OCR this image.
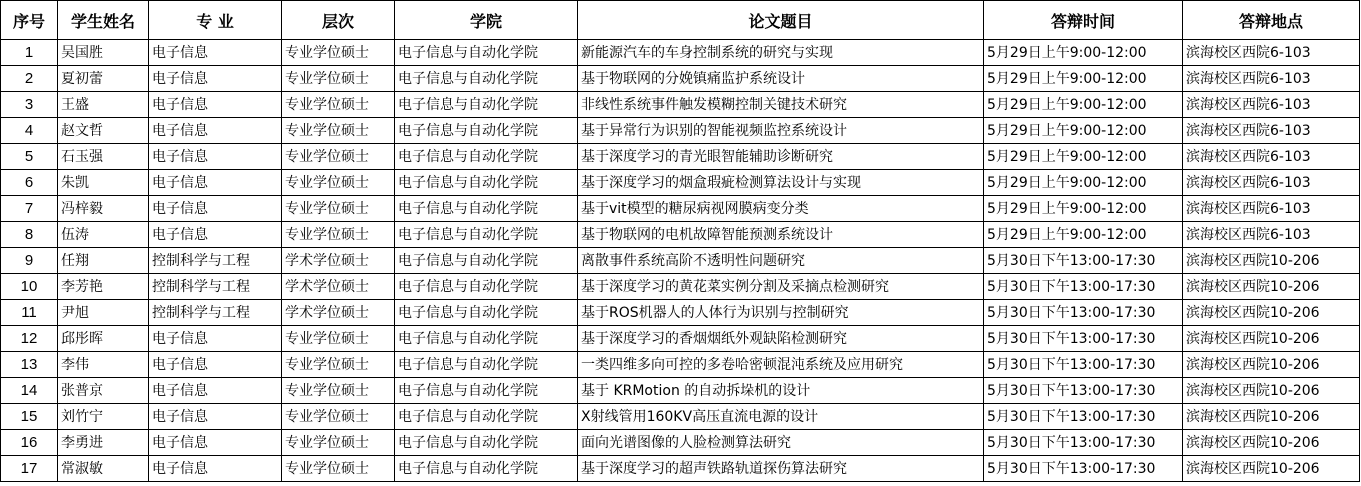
序号	学生姓名	专 业	层次	学院	论文题目	答辩时间	答辩地点
1	吴国胜	电子信息	专业学位硕士	电子信息与自动化学院	新能源汽车的车身控制系统的研究与实现	5月29日上午9:00-12:00	滨海校区西院6-103
2	夏初蕾	电子信息	专业学位硕士	电子信息与自动化学院	基于物联网的分娩镇痛监护系统设计	5月29日上午9:00-12:00	滨海校区西院6-103
3	王盛	电子信息	专业学位硕士	电子信息与自动化学院	非线性系统事件触发模糊控制关键技术研究	5月29日上午9:00-12:00	滨海校区西院6-103
4	赵文哲	电子信息	专业学位硕士	电子信息与自动化学院	基于异常行为识别的智能视频监控系统设计	5月29日上午9:00-12:00	滨海校区西院6-103
5	石玉强	电子信息	专业学位硕士	电子信息与自动化学院	基于深度学习的青光眼智能辅助诊断研究	5月29日上午9:00-12:00	滨海校区西院6-103
6	朱凯	电子信息	专业学位硕士	电子信息与自动化学院	基于深度学习的烟盒瑕疵检测算法设计与实现	5月29日上午9:00-12:00	滨海校区西院6-103
7	冯梓毅	电子信息	专业学位硕士	电子信息与自动化学院	基于vit模型的糖尿病视网膜病变分类	5月29日上午9:00-12:00	滨海校区西院6-103
8	伍涛	电子信息	专业学位硕士	电子信息与自动化学院	基于物联网的电机故障智能预测系统设计	5月29日上午9:00-12:00	滨海校区西院6-103
9	任翔	控制科学与工程	学术学位硕士	电子信息与自动化学院	离散事件系统高阶不透明性问题研究	5月30日下午13:00-17:30	滨海校区西院10-206
10	李芳艳	控制科学与工程	学术学位硕士	电子信息与自动化学院	基于深度学习的黄花菜实例分割及采摘点检测研究	5月30日下午13:00-17:30	滨海校区西院10-206
11	尹旭	控制科学与工程	学术学位硕士	电子信息与自动化学院	基于ROS机器人的人体行为识别与控制研究	5月30日下午13:00-17:30	滨海校区西院10-206
12	邱彤晖	电子信息	专业学位硕士	电子信息与自动化学院	基于深度学习的香烟烟纸外观缺陷检测研究	5月30日下午13:00-17:30	滨海校区西院10-206
13	李伟	电子信息	专业学位硕士	电子信息与自动化学院	一类四维多向可控的多卷哈密顿混沌系统及应用研究	5月30日下午13:00-17:30	滨海校区西院10-206
14	张普京	电子信息	专业学位硕士	电子信息与自动化学院	基于 KRMotion 的自动拆垛机的设计	5月30日下午13:00-17:30	滨海校区西院10-206
15	刘竹宁	电子信息	专业学位硕士	电子信息与自动化学院	X射线管用160KV高压直流电源的设计	5月30日下午13:00-17:30	滨海校区西院10-206
16	李勇进	电子信息	专业学位硕士	电子信息与自动化学院	面向光谱图像的人脸检测算法研究	5月30日下午13:00-17:30	滨海校区西院10-206
17	常淑敏	电子信息	专业学位硕士	电子信息与自动化学院	基于深度学习的超声铁路轨道探伤算法研究	5月30日下午13:00-17:30	滨海校区西院10-206
